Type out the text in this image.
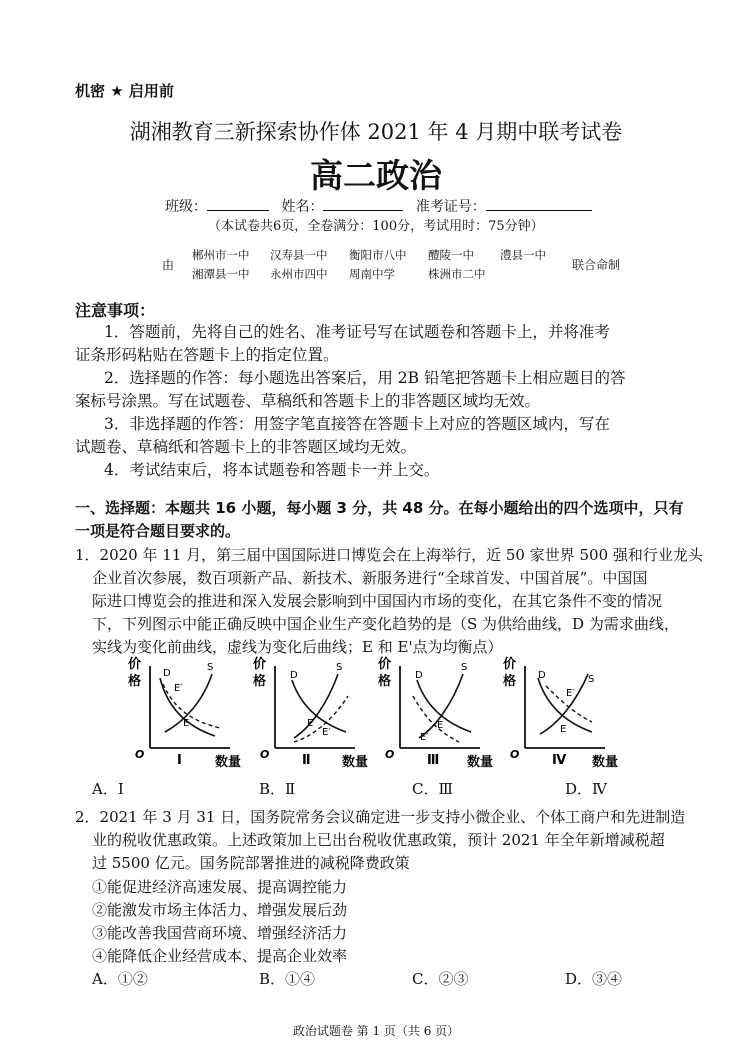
机密 ★ 启用前
湖湘教育三新探索协作体 2021 年 4 月期中联考试卷
高二政治
班级：	姓名：	准考证号：
（本试卷共6页，全卷满分：100分，考试用时：75分钟）
由
郴州市一中 汉寿县一中 衡阳市八中 醴陵一中 澧县一中
湘潭县一中 永州市四中 周南中学	株洲市二中
联合命制
注意事项：
1．答题前，先将自己的姓名、准考证号写在试题卷和答题卡上，并将准考
证条形码粘贴在答题卡上的指定位置。
2．选择题的作答：每小题选出答案后，用 2B 铅笔把答题卡上相应题目的答
案标号涂黑。写在试题卷、草稿纸和答题卡上的非答题区域均无效。
3．非选择题的作答：用签字笔直接答在答题卡上对应的答题区域内，写在
试题卷、草稿纸和答题卡上的非答题区域均无效。
4．考试结束后，将本试题卷和答题卡一并上交。
一、选择题：本题共 16 小题，每小题 3 分，共 48 分。在每小题给出的四个选项中，只有
一项是符合题目要求的。
1．2020 年 11 月，第三届中国国际进口博览会在上海举行，近 50 家世界 500 强和行业龙头
企业首次参展，数百项新产品、新技术、新服务进行“全球首发、中国首展”。中国国
际进口博览会的推进和深入发展会影响到中国国内市场的变化，在其它条件不变的情况
下，下列图示中能正确反映中国企业生产变化趋势的是（S 为供给曲线，D 为需求曲线，
实线为变化前曲线，虚线为变化后曲线；E 和 E'点为均衡点）
价
格
D
S
E′
E
O	Ⅰ	数量
价
格 D
S
E
E′
O	Ⅱ 数量
价
格 D
S
E
E′
O	Ⅲ 数量
价
格 D	S
E′
E
O	Ⅳ 数量
A．Ⅰ	B．Ⅱ	C．Ⅲ	D．Ⅳ
2．2021 年 3 月 31 日，国务院常务会议确定进一步支持小微企业、个体工商户和先进制造
业的税收优惠政策。上述政策加上已出台税收优惠政策，预计 2021 年全年新增减税超
过 5500 亿元。国务院部署推进的减税降费政策
①能促进经济高速发展、提高调控能力
②能激发市场主体活力、增强发展后劲
③能改善我国营商环境、增强经济活力
④能降低企业经营成本、提高企业效率
A．①②	B．①④	C．②③	D．③④
政治试题卷 第 1 页（共 6 页）
